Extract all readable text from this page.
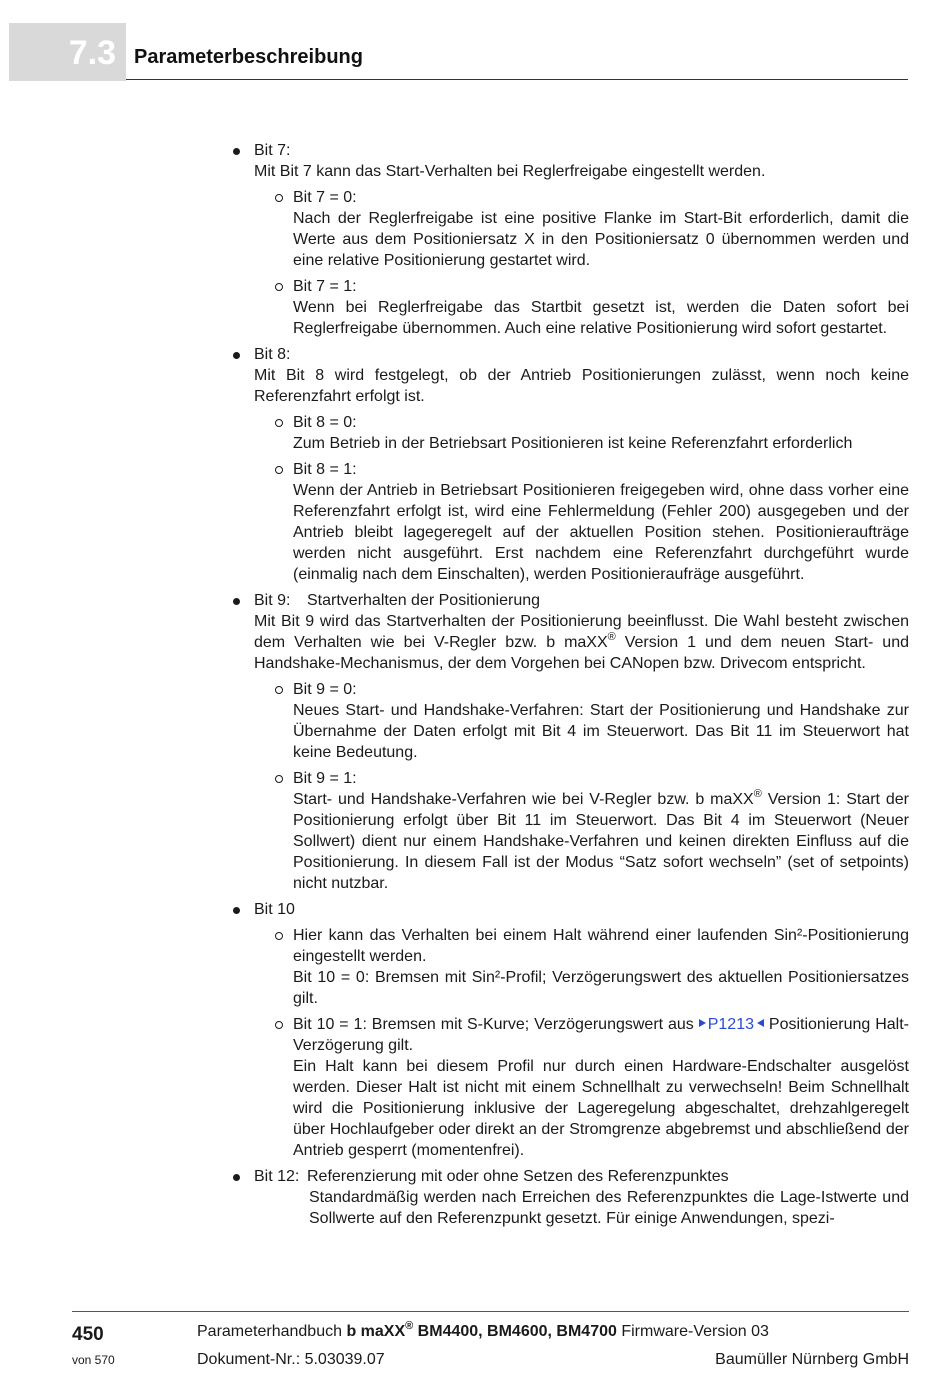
7.3 Parameterbeschreibung
Bit 7:
Mit Bit 7 kann das Start-Verhalten bei Reglerfreigabe eingestellt werden.
Bit 7 = 0:
Nach der Reglerfreigabe ist eine positive Flanke im Start-Bit erforderlich, damit die Werte aus dem Positioniersatz X in den Positioniersatz 0 übernommen werden und eine relative Positionierung gestartet wird.
Bit 7 = 1:
Wenn bei Reglerfreigabe das Startbit gesetzt ist, werden die Daten sofort bei Reglerfreigabe übernommen. Auch eine relative Positionierung wird sofort gestartet.
Bit 8:
Mit Bit 8 wird festgelegt, ob der Antrieb Positionierungen zulässt, wenn noch keine Referenzfahrt erfolgt ist.
Bit 8 = 0:
Zum Betrieb in der Betriebsart Positionieren ist keine Referenzfahrt erforderlich
Bit 8 = 1:
Wenn der Antrieb in Betriebsart Positionieren freigegeben wird, ohne dass vorher eine Referenzfahrt erfolgt ist, wird eine Fehlermeldung (Fehler 200) ausgegeben und der Antrieb bleibt lagegeregelt auf der aktuellen Position stehen. Positionieraufträge werden nicht ausgeführt. Erst nachdem eine Referenzfahrt durchgeführt wurde (einmalig nach dem Einschalten), werden Positionieraufräge ausgeführt.
Bit 9: Startverhalten der Positionierung
Mit Bit 9 wird das Startverhalten der Positionierung beeinflusst. Die Wahl besteht zwischen dem Verhalten wie bei V-Regler bzw. b maXX® Version 1 und dem neuen Start- und Handshake-Mechanismus, der dem Vorgehen bei CANopen bzw. Drivecom entspricht.
Bit 9 = 0:
Neues Start- und Handshake-Verfahren: Start der Positionierung und Handshake zur Übernahme der Daten erfolgt mit Bit 4 im Steuerwort. Das Bit 11 im Steuerwort hat keine Bedeutung.
Bit 9 = 1:
Start- und Handshake-Verfahren wie bei V-Regler bzw. b maXX® Version 1: Start der Positionierung erfolgt über Bit 11 im Steuerwort. Das Bit 4 im Steuerwort (Neuer Sollwert) dient nur einem Handshake-Verfahren und keinen direkten Einfluss auf die Positionierung. In diesem Fall ist der Modus “Satz sofort wechseln” (set of setpoints) nicht nutzbar.
Bit 10
Hier kann das Verhalten bei einem Halt während einer laufenden Sin²-Positionierung eingestellt werden.
Bit 10 = 0: Bremsen mit Sin²-Profil; Verzögerungswert des aktuellen Positioniersatzes gilt.
Bit 10 = 1: Bremsen mit S-Kurve; Verzögerungswert aus P1213 Positionierung Halt-Verzögerung gilt.
Ein Halt kann bei diesem Profil nur durch einen Hardware-Endschalter ausgelöst werden. Dieser Halt ist nicht mit einem Schnellhalt zu verwechseln! Beim Schnellhalt wird die Positionierung inklusive der Lageregelung abgeschaltet, drehzahlgeregelt über Hochlaufgeber oder direkt an der Stromgrenze abgebremst und abschließend der Antrieb gesperrt (momentenfrei).
Bit 12: Referenzierung mit oder ohne Setzen des Referenzpunktes
Standardmäßig werden nach Erreichen des Referenzpunktes die Lage-Istwerte und Sollwerte auf den Referenzpunkt gesetzt. Für einige Anwendungen, spezi-
450
von 570
Parameterhandbuch b maXX® BM4400, BM4600, BM4700 Firmware-Version 03
Dokument-Nr.: 5.03039.07	Baumüller Nürnberg GmbH
